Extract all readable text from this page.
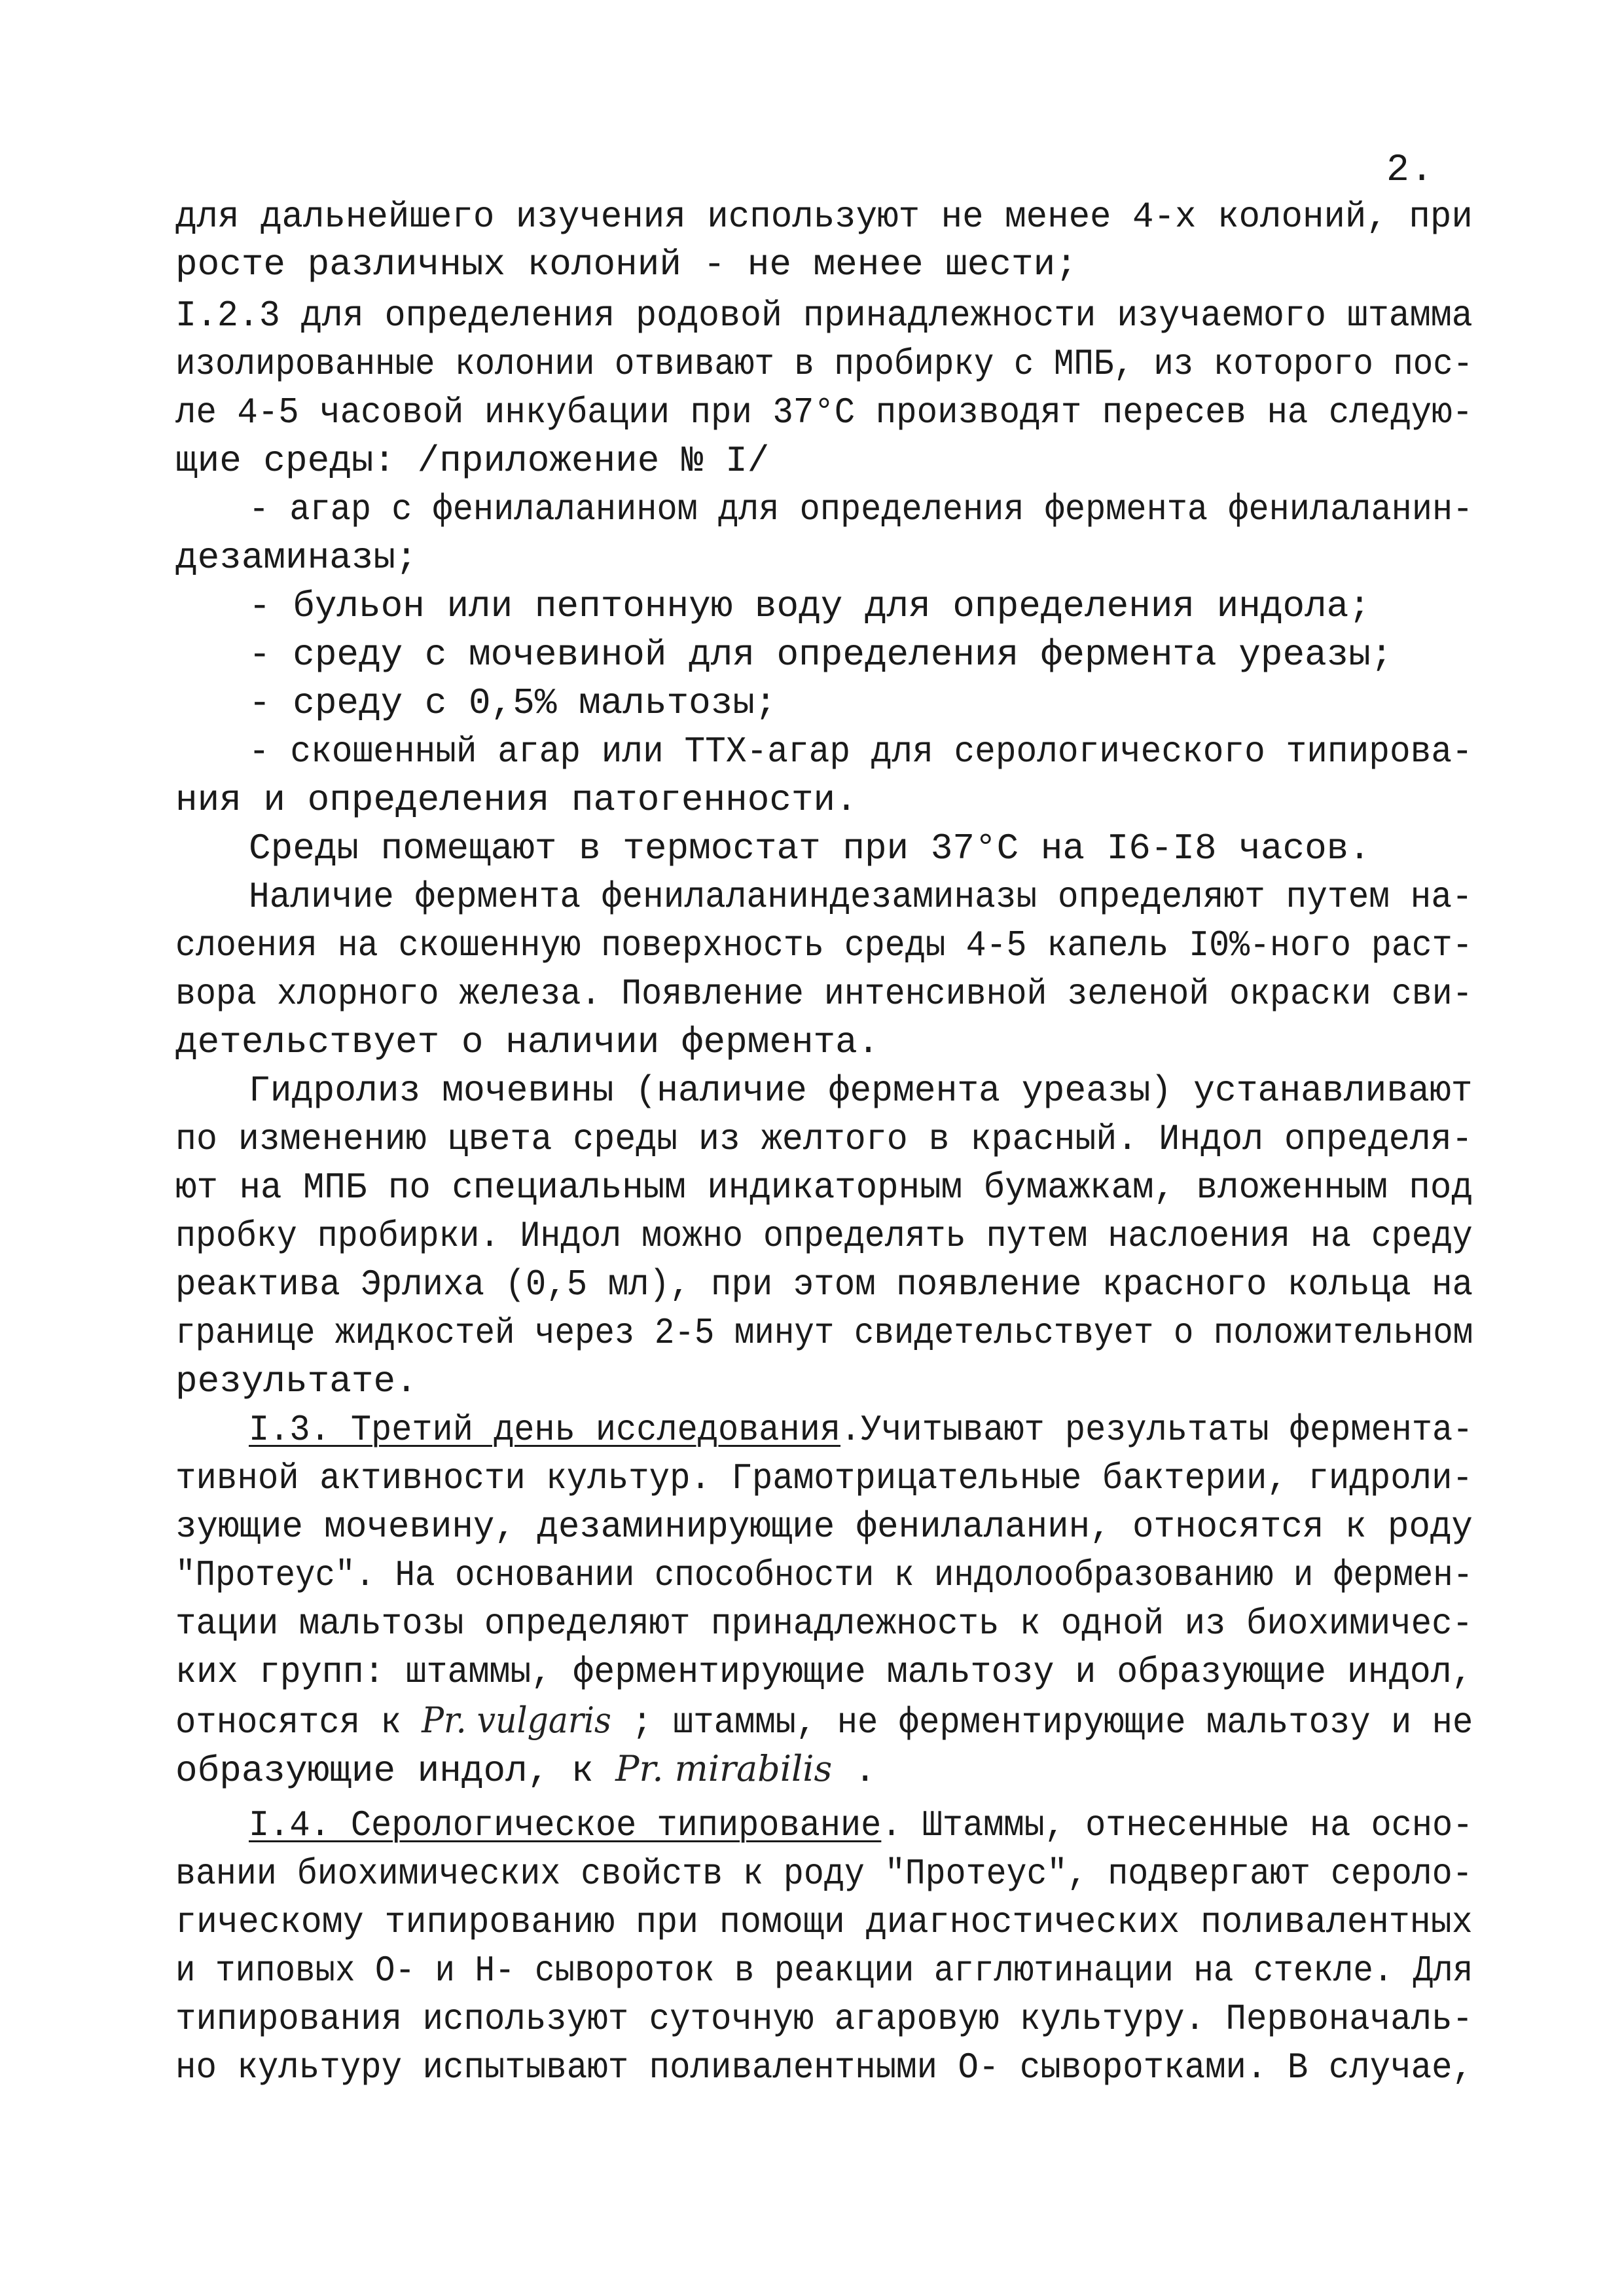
2.
для дальнейшего изучения используют не менее 4-х колоний, при
росте различных колоний - не менее шести;
I.2.3 для определения родовой принадлежности изучаемого штамма
изолированные колонии отвивают в пробирку с МПБ, из которого пос-
ле 4-5 часовой инкубации при 37°С производят пересев на следую-
щие среды: /приложение № I/
- агар с фенилаланином для определения фермента фенилаланин-
дезаминазы;
- бульон или пептонную воду для определения индола;
- среду с мочевиной для определения фермента уреазы;
- среду с 0,5% мальтозы;
- скошенный агар или ТТХ-агар для серологического типирова-
ния и определения патогенности.
Среды помещают в термостат при 37°С на I6-I8 часов.
Наличие фермента фенилаланиндезаминазы определяют путем на-
слоения на скошенную поверхность среды 4-5 капель I0%-ного раст-
вора хлорного железа. Появление интенсивной зеленой окраски сви-
детельствует о наличии фермента.
Гидролиз мочевины (наличие фермента уреазы) устанавливают
по изменению цвета среды из желтого в красный. Индол определя-
ют на МПБ по специальным индикаторным бумажкам, вложенным под
пробку пробирки. Индол можно определять путем наслоения на среду
реактива Эрлиха (0,5 мл), при этом появление красного кольца на
границе жидкостей через 2-5 минут свидетельствует о положительном
результате.
I.3. Третий день исследования.Учитывают результаты фермента-
тивной активности культур. Грамотрицательные бактерии, гидроли-
зующие мочевину, дезаминирующие фенилаланин, относятся к роду
"Протеус". На основании способности к индолообразованию и фермен-
тации мальтозы определяют принадлежность к одной из биохимичес-
ких групп: штаммы, ферментирующие мальтозу и образующие индол,
относятся к Pr. vulgaris ; штаммы, не ферментирующие мальтозу и не
образующие индол, к Pr. mirabilis .
I.4. Серологическое типирование. Штаммы, отнесенные на осно-
вании биохимических свойств к роду "Протеус", подвергают сероло-
гическому типированию при помощи диагностических поливалентных
и типовых О- и Н- сывороток в реакции агглютинации на стекле. Для
типирования используют суточную агаровую культуру. Первоначаль-
но культуру испытывают поливалентными О- сыворотками. В случае,
